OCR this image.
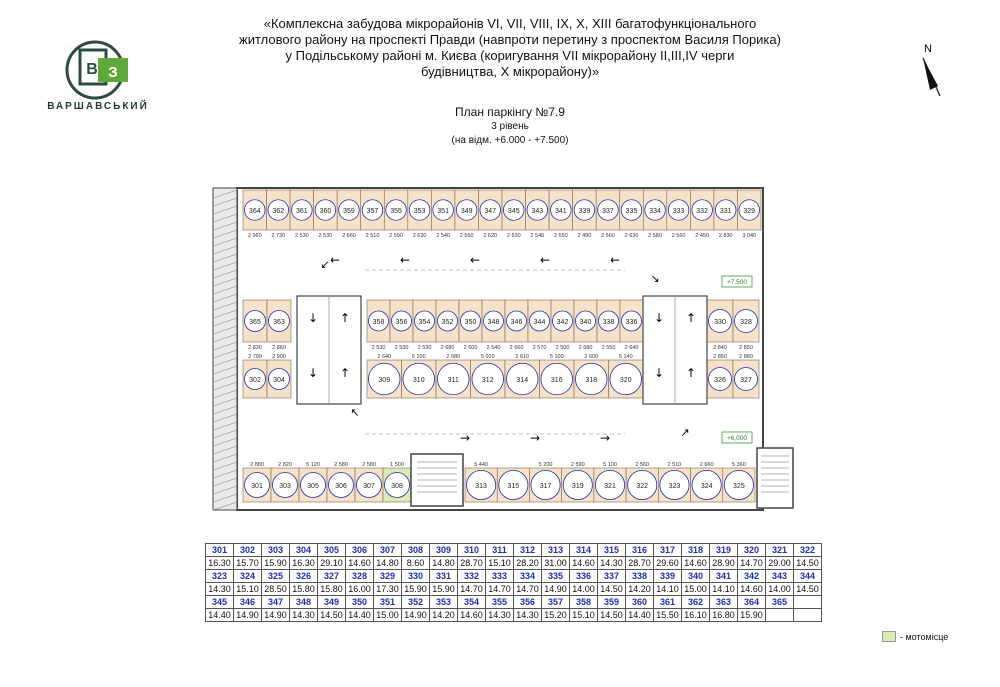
В З
ВАРШАВСЬКИЙ
«Комплексна забудова мікрорайонів VI, VII, VIII, IX, X, XIII багатофункціонального
житлового району на проспекті Правди (навпроти перетину з проспектом Василя Порика)
у Подільському районі м. Києва (коригування VII мікрорайону II,III,IV черги
будівництва, X мікрорайону)»
План паркінгу №7.9
3 рівень
(на відм. +6.000 - +7.500)
N
364
2 960
362
2 730
361
2 530
360
2 530
359
2 660
357
2 510
355
2 590
353
2 630
351
2 540
349
2 560
347
2 620
345
2 530
343
2 540
341
2 650
339
2 490
337
2 560
335
2 630
334
2 580
333
2 560
332
2 450
331
2 830
329
3 040
365
2 830
363
2 860
358
2 530
356
2 530
354
2 530
352
2 680
350
2 600
348
2 540
346
2 660
344
2 570
342
2 500
340
2 680
338
2 550
336
2 640
330
2 840
328
2 850
302
2 790
304
2 900
309
2 640
310
5 100
311
2 680
312
5 010
314
2 610
316
5 100
318
2 600
320
5 140
326
2 850
327
2 880
301
2 880
303
2 820
305
5 120
306
2 580
307
2 580
308
1 500
313
5 440
315	317
5 200
319
2 590
321
5 100
322
2 560
323
2 510
324
2 660
325
5 360
↓ ↑
↓ ↑
↓ ↑
↓ ↑
←	←	←	←	←
→	→	→
↙
↘
↗
↖
+7,500
+6,000
301	302	303	304	305	306	307	308	309	310	311	312	313	314	315	316	317	318	319	320	321	322
16.30	15.70	15.90	16.30	29.10	14.60	14.80	8.60	14.80	28.70	15.10	28.20	31.00	14.60	14.30	28.70	29.60	14.60	28.90	14.70	29.00	14.50
323	324	325	326	327	328	329	330	331	332	333	334	335	336	337	338	339	340	341	342	343	344
14.30	15.10	28.50	15.80	15.80	16.00	17.30	15.90	15.90	14.70	14.70	14.70	14.90	14.00	14.50	14.20	14.10	15.00	14.10	14.60	14.00	14.50
345	346	347	348	349	350	351	352	353	354	355	356	357	358	359	360	361	362	363	364	365	
14.40	14.90	14.90	14.30	14.50	14.40	15.00	14.90	14.20	14.60	14.30	14.30	15.20	15.10	14.50	14.40	15.50	16.10	16.80	15.90		
- мотомісце
